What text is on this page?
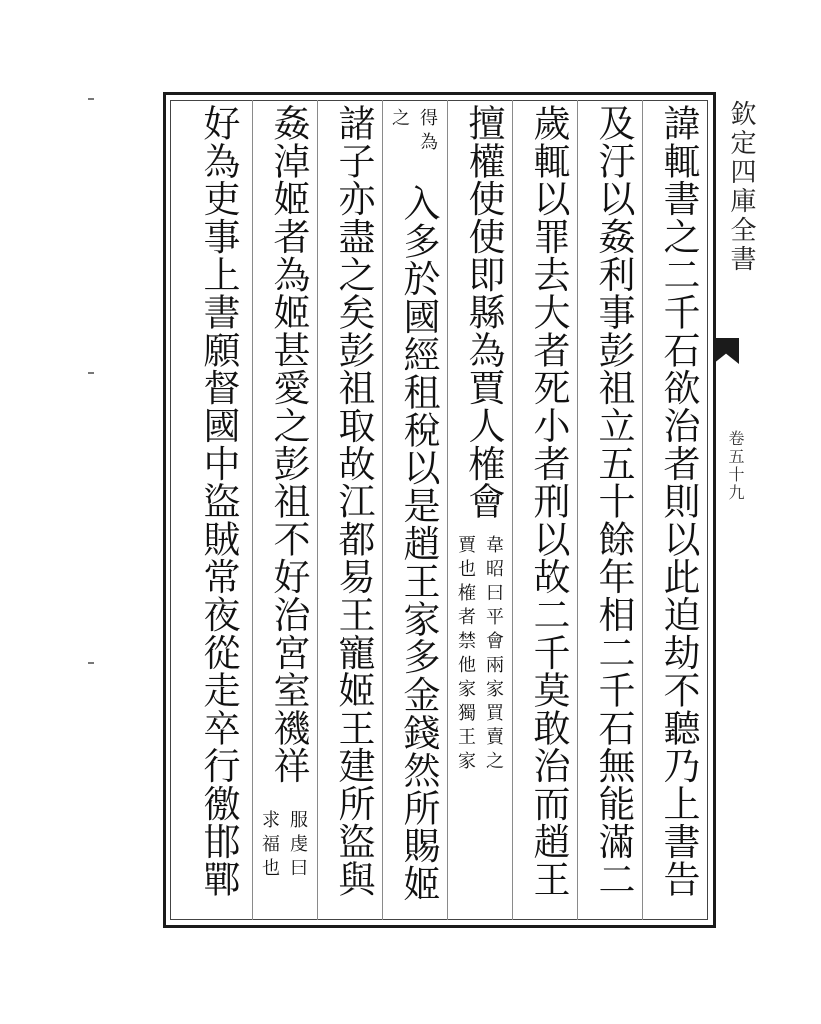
欽定四庫全書
卷五十九
諱輒書之二千石欲治者則以此迫劫不聽乃上書告
及汙以姦利事彭祖立五十餘年相二千石無能滿二
歲輒以罪去大者死小者刑以故二千莫敢治而趙王
擅權使使即縣為賈人榷會
韋昭曰平會兩家買賣之
賈也榷者禁他家獨王家
得為
之
入多於國經租稅以是趙王家多金錢然所賜姬
諸子亦盡之矣彭祖取故江都易王寵姬王建所盜與
姦淖姬者為姬甚愛之彭祖不好治宮室禨祥
服虔曰
求福也
好為吏事上書願督國中盜賊常夜從走卒行徼邯鄲
